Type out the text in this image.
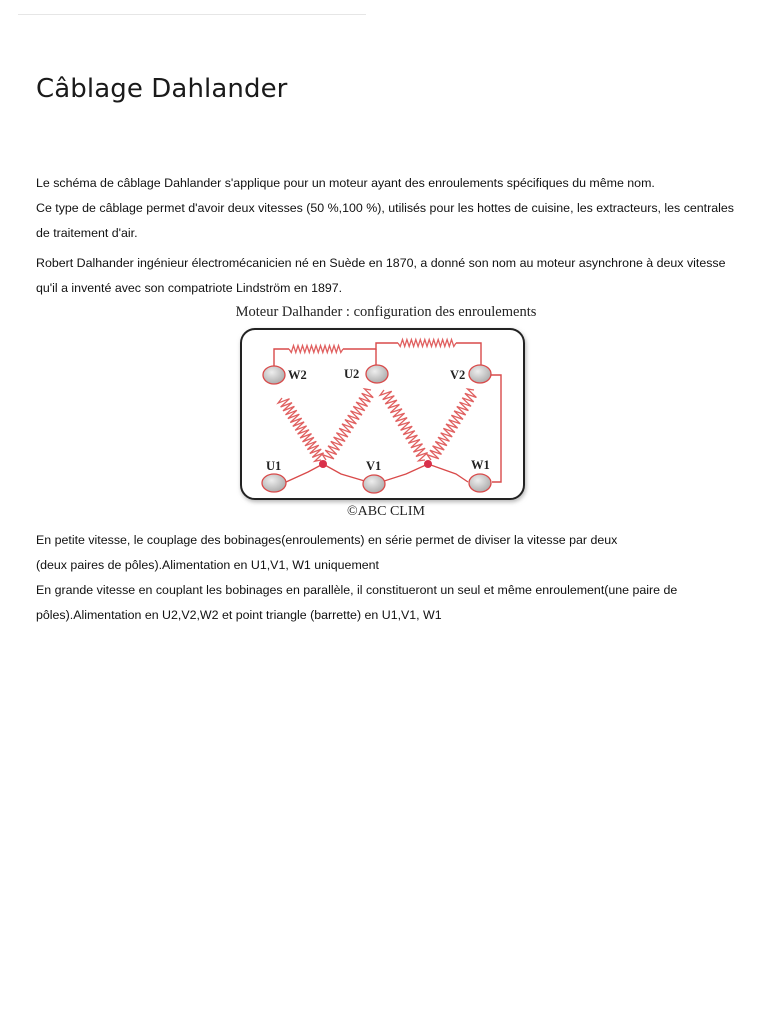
Câblage Dahlander

Le schéma de câblage Dahlander s'applique pour un moteur ayant des enroulements spécifiques du même nom.

Ce type de câblage permet d'avoir deux vitesses (50 %,100 %), utilisés pour les hottes de cuisine, les extracteurs, les centrales de traitement d'air.

Robert Dalhander ingénieur électromécanicien né en Suède en 1870, a donné son nom au moteur asynchrone à deux vitesse qu'il a inventé avec son compatriote Lindström en 1897.

Moteur Dalhander : configuration des enroulements
W2	U2	V2
U1	V1	W1
©ABC CLIM

En petite vitesse, le couplage des bobinages(enroulements) en série permet de diviser la vitesse par deux

(deux paires de pôles).Alimentation en U1,V1, W1 uniquement

En grande vitesse en couplant les bobinages en parallèle, il constitueront un seul et même enroulement(une paire de pôles).Alimentation en U2,V2,W2 et point triangle (barrette) en U1,V1, W1
